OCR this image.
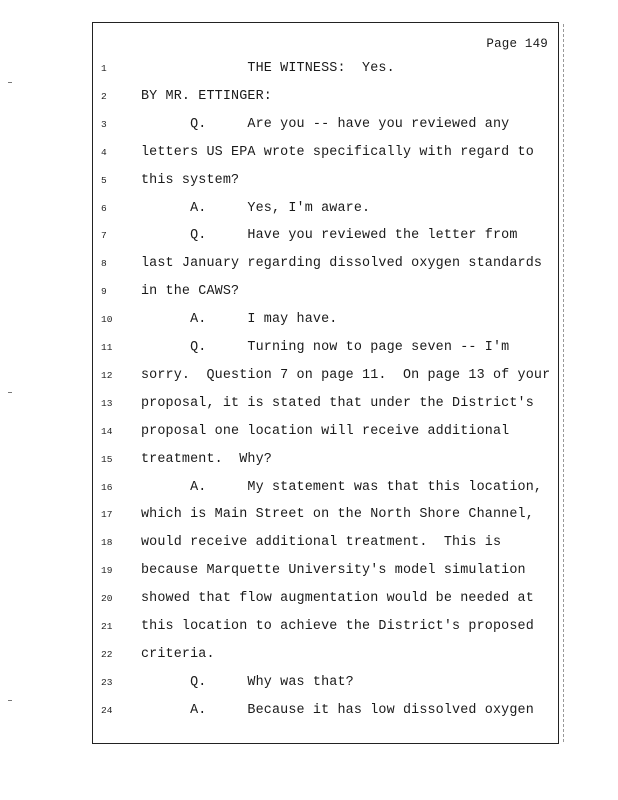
Page 149
1	THE WITNESS:  Yes.
2	BY MR. ETTINGER:
3	Q.     Are you -- have you reviewed any
4	letters US EPA wrote specifically with regard to
5	this system?
6	A.     Yes, I'm aware.
7	Q.     Have you reviewed the letter from
8	last January regarding dissolved oxygen standards
9	in the CAWS?
10	A.     I may have.
11	Q.     Turning now to page seven -- I'm
12	sorry.  Question 7 on page 11.  On page 13 of your
13	proposal, it is stated that under the District's
14	proposal one location will receive additional
15	treatment.  Why?
16	A.     My statement was that this location,
17	which is Main Street on the North Shore Channel,
18	would receive additional treatment.  This is
19	because Marquette University's model simulation
20	showed that flow augmentation would be needed at
21	this location to achieve the District's proposed
22	criteria.
23	Q.     Why was that?
24	A.     Because it has low dissolved oxygen
